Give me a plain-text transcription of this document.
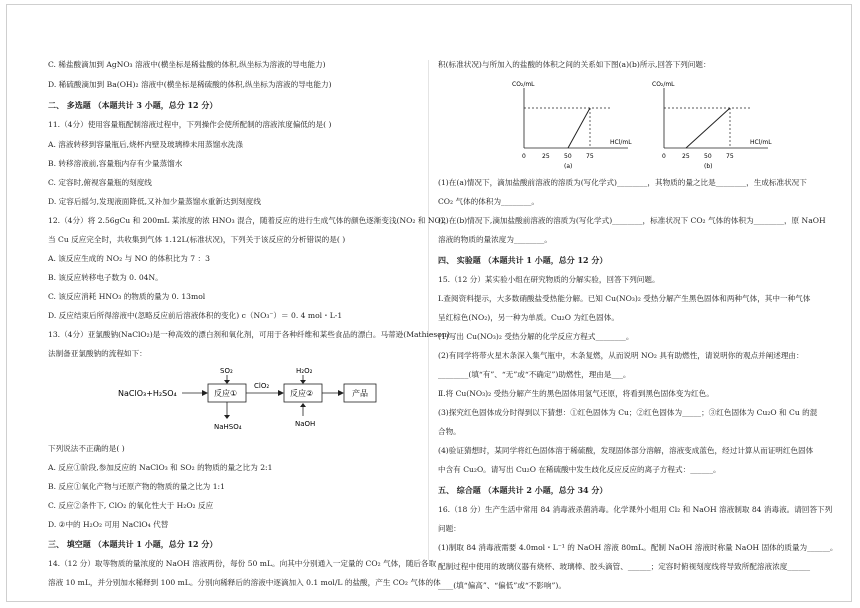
C. 稀盐酸滴加到 AgNO₃ 溶液中(横坐标是稀盐酸的体积,纵坐标为溶液的导电能力)
D. 稀硫酸滴加到 Ba(OH)₂ 溶液中(横坐标是稀硫酸的体积,纵坐标为溶液的导电能力)
二、 多选题 （本题共计 3 小题，总分 12 分）
11.（4分）使用容量瓶配制溶液过程中，下列操作会使所配制的溶液浓度偏低的是( )
A. 溶液转移到容量瓶后,烧杯内壁及玻璃棒未用蒸馏水洗涤
B. 转移溶液前,容量瓶内存有少量蒸馏水
C. 定容时,俯视容量瓶的刻度线
D. 定容后摇匀,发现液面降低,又补加少量蒸馏水重新达到刻度线
12.（4分）将 2.56gCu 和 200mL 某浓度的浓 HNO₃ 混合，随着反应的进行生成气体的颜色逐渐变浅(NO₂ 和 NO)，
当 Cu 反应完全时，共收集到气体 1.12L(标准状况)，下列关于该反应的分析错误的是( )
A. 该反应生成的 NO₂ 与 NO 的体积比为 7 ：3
B. 该反应转移电子数为 0. 04N。
C. 该反应消耗 HNO₃ 的物质的量为 0. 13mol
D. 反应结束后所得溶液中(忽略反应前后溶液体积的变化) c（NO₃⁻）＝ 0. 4 mol・L-1
13.（4分）亚氯酸钠(NaClO₂)是一种高效的漂白剂和氧化剂，可用于各种纤维和某些食品的漂白。马蒂逊(Mathieson)
法制备亚氯酸钠的流程如下：
NaClO₃+H₂SO₄	反应①
SO₂
NaHSO₄
ClO₂
反应②
H₂O₂
NaOH
产品
下列说法不正确的是( )
A. 反应①阶段,参加反应的 NaClO₃ 和 SO₂ 的物质的量之比为 2:1
B. 反应①氧化产物与还原产物的物质的量之比为 1:1
C. 反应②条件下, ClO₂ 的氧化性大于 H₂O₂ 反应
D. ②中的 H₂O₂ 可用 NaClO₄ 代替
三、 填空题 （本题共计 1 小题，总分 12 分）
14.（12 分）取等物质的量浓度的 NaOH 溶液两份，每份 50 mL。向其中分别通入一定量的 CO₂ 气体，随后各取
溶液 10 mL，并分别加水稀释到 100 mL。分别向稀释后的溶液中逐滴加入 0.1 mol/L 的盐酸，产生 CO₂ 气体的体
积(标准状况)与所加入的盐酸的体积之间的关系如下图(a)(b)所示,回答下列问题：
CO₂/mL
HCl/mL
0	25 50 75
(a)
CO₂/mL
HCl/mL
0	25 50 75
(b)
(1)在(a)情况下，滴加盐酸前溶液的溶质为(写化学式)________，其物质的量之比是________，生成标准状况下
CO₂ 气体的体积为________。
(2)在(b)情况下,滴加盐酸前溶液的溶质为(写化学式)________，标准状况下 CO₂ 气体的体积为________，原 NaOH
溶液的物质的量浓度为________。
四、 实验题 （本题共计 1 小题，总分 12 分）
15.（12 分）某实验小组在研究物质的分解实验，回答下列问题。
Ⅰ.查阅资料提示，大多数硝酸盐受热能分解。已知 Cu(NO₃)₂ 受热分解产生黑色固体和两种气体，其中一种气体
呈红棕色(NO₂)，另一种为单质。Cu₂O 为红色固体。
(1)写出 Cu(NO₃)₂ 受热分解的化学反应方程式________。
(2)有同学将带火星木条深入集气瓶中，木条复燃，从而说明 NO₂ 具有助燃性，请说明你的观点并阐述理由：
________(填“有”、“无”或“不确定”)助燃性，理由是___。
Ⅱ.将 Cu(NO₃)₂ 受热分解产生的黑色固体用氢气还原，将看到黑色固体变为红色。
(3)探究红色固体成分时得到以下猜想：①红色固体为 Cu；②红色固体为_____；③红色固体为 Cu₂O 和 Cu 的混
合物。
(4)验证猜想时，某同学将红色固体溶于稀硫酸，发现固体部分溶解，溶液变成蓝色，经过计算从而证明红色固体
中含有 Cu₂O。请写出 Cu₂O 在稀硫酸中发生歧化反应反应的离子方程式：______。
五、 综合题 （本题共计 2 小题，总分 34 分）
16.（18 分）生产生活中常用 84 消毒液杀菌消毒。化学课外小组用 Cl₂ 和 NaOH 溶液制取 84 消毒液。请回答下列
问题：
(1)制取 84 消毒液需要 4.0mol・L⁻¹ 的 NaOH 溶液 80mL。配制 NaOH 溶液时称量 NaOH 固体的质量为______。
配制过程中使用的玻璃仪器有烧杯、玻璃棒、胶头滴管、______；定容时俯视刻度线将导致所配溶液浓度______
____(填“偏高”、“偏低”或“不影响”)。
